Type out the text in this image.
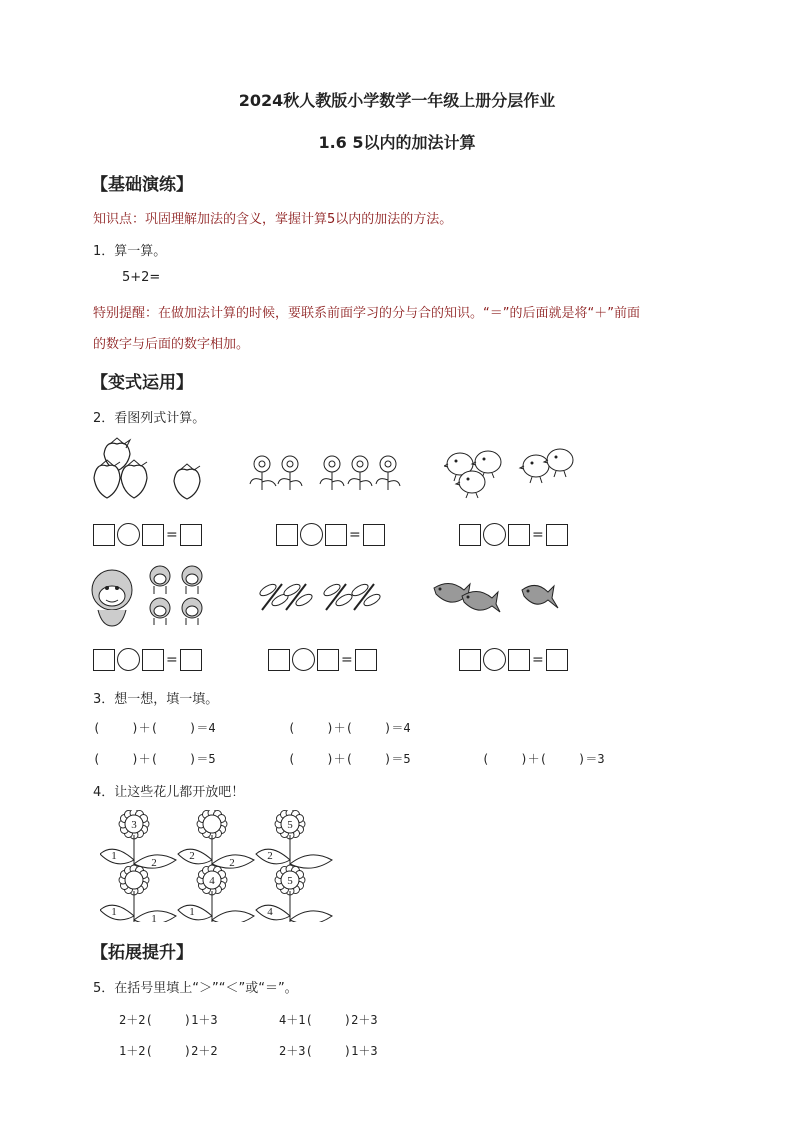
2024秋人教版小学数学一年级上册分层作业
1.6 5以内的加法计算
【基础演练】
知识点：巩固理解加法的含义，掌握计算5以内的加法的方法。
1．算一算。
5+2=
特别提醒：在做加法计算的时候，要联系前面学习的分与合的知识。“＝”的后面就是将“＋”前面
的数字与后面的数字相加。
【变式运用】
2．看图列式计算。
=	=	=
=	=	=
3．想一想，填一填。
(　　 )＋(　　 )＝4	(　　 )＋(　　 )＝4
(　　 )＋(　　 )＝5	(　　 )＋(　　 )＝5	(　　 )＋(　　 )＝3
4．让这些花儿都开放吧！
3
1
2
2
2
5
2
1
1
4
1
5
4
【拓展提升】
5．在括号里填上“＞”“＜”或“＝”。
2＋2(　　 )1＋3	4＋1(　　 )2＋3
1＋2(　　 )2＋2	2＋3(　　 )1＋3
